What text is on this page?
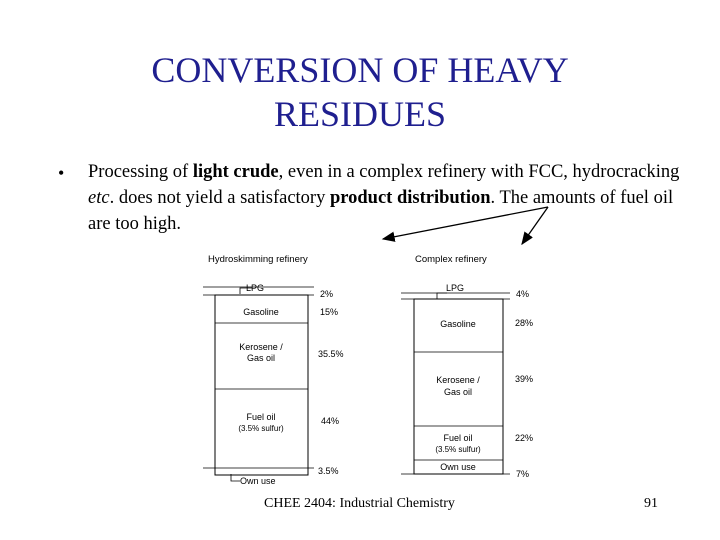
CONVERSION OF HEAVY
RESIDUES
• Processing of light crude, even in a complex refinery with FCC, hydrocracking etc. does not yield a satisfactory product distribution. The amounts of fuel oil are too high.
Hydroskimming refinery
LPG
2%
Gasoline	15%
Kerosene /
Gas oil	35.5%
Fuel oil
(3.5% sulfur)
44%
3.5%
Own use
Complex refinery
LPG
4%
Gasoline	28%
Kerosene /
Gas oil
39%
Fuel oil
(3.5% sulfur)
22%
Own use
7%
CHEE 2404: Industrial Chemistry	91
